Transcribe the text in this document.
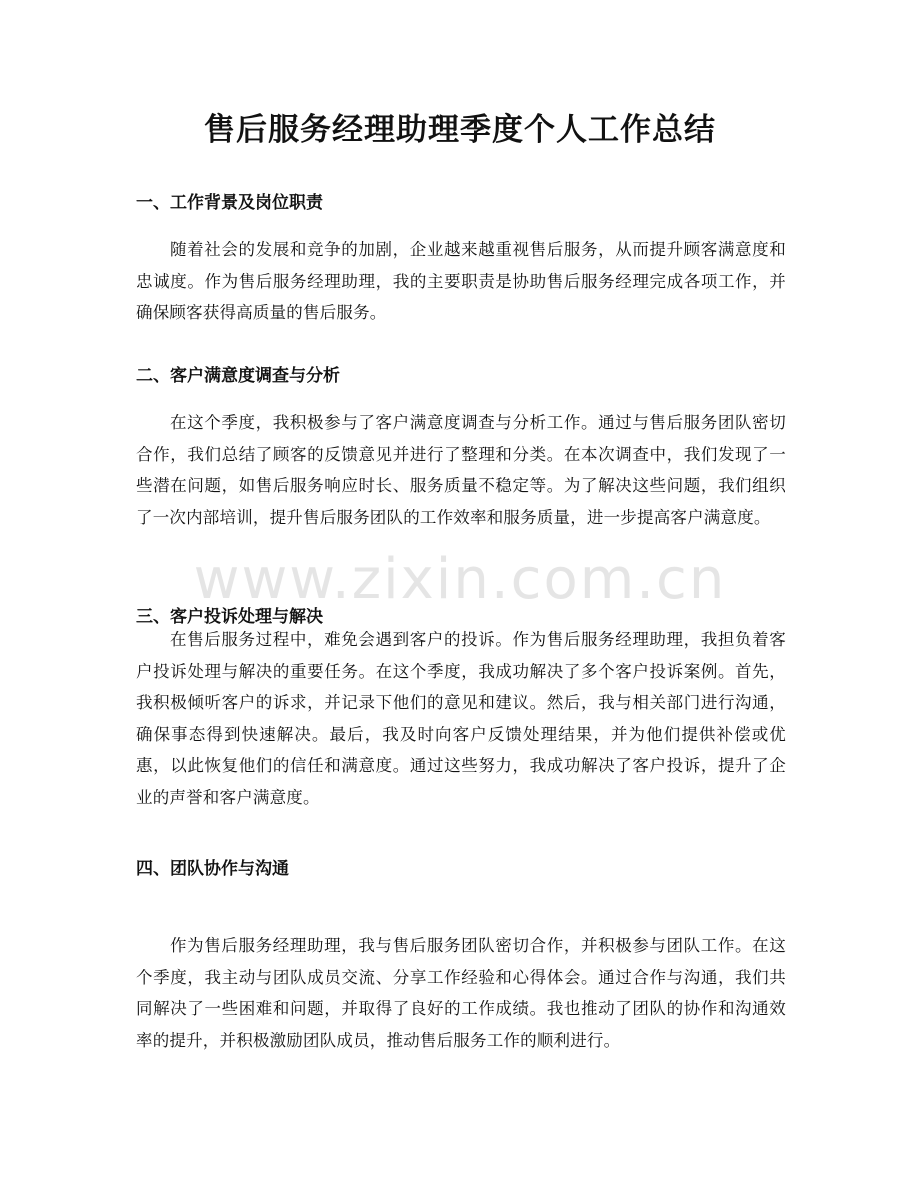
售后服务经理助理季度个人工作总结
一、工作背景及岗位职责

随着社会的发展和竞争的加剧，企业越来越重视售后服务，从而提升顾客满意度和忠诚度。作为售后服务经理助理，我的主要职责是协助售后服务经理完成各项工作，并确保顾客获得高质量的售后服务。

二、客户满意度调查与分析

在这个季度，我积极参与了客户满意度调查与分析工作。通过与售后服务团队密切合作，我们总结了顾客的反馈意见并进行了整理和分类。在本次调查中，我们发现了一些潜在问题，如售后服务响应时长、服务质量不稳定等。为了解决这些问题，我们组织了一次内部培训，提升售后服务团队的工作效率和服务质量，进一步提高客户满意度。

三、客户投诉处理与解决

在售后服务过程中，难免会遇到客户的投诉。作为售后服务经理助理，我担负着客户投诉处理与解决的重要任务。在这个季度，我成功解决了多个客户投诉案例。首先，我积极倾听客户的诉求，并记录下他们的意见和建议。然后，我与相关部门进行沟通，确保事态得到快速解决。最后，我及时向客户反馈处理结果，并为他们提供补偿或优惠，以此恢复他们的信任和满意度。通过这些努力，我成功解决了客户投诉，提升了企业的声誉和客户满意度。

四、团队协作与沟通

作为售后服务经理助理，我与售后服务团队密切合作，并积极参与团队工作。在这个季度，我主动与团队成员交流、分享工作经验和心得体会。通过合作与沟通，我们共同解决了一些困难和问题，并取得了良好的工作成绩。我也推动了团队的协作和沟通效率的提升，并积极激励团队成员，推动售后服务工作的顺利进行。

www.zixin.com.cn
